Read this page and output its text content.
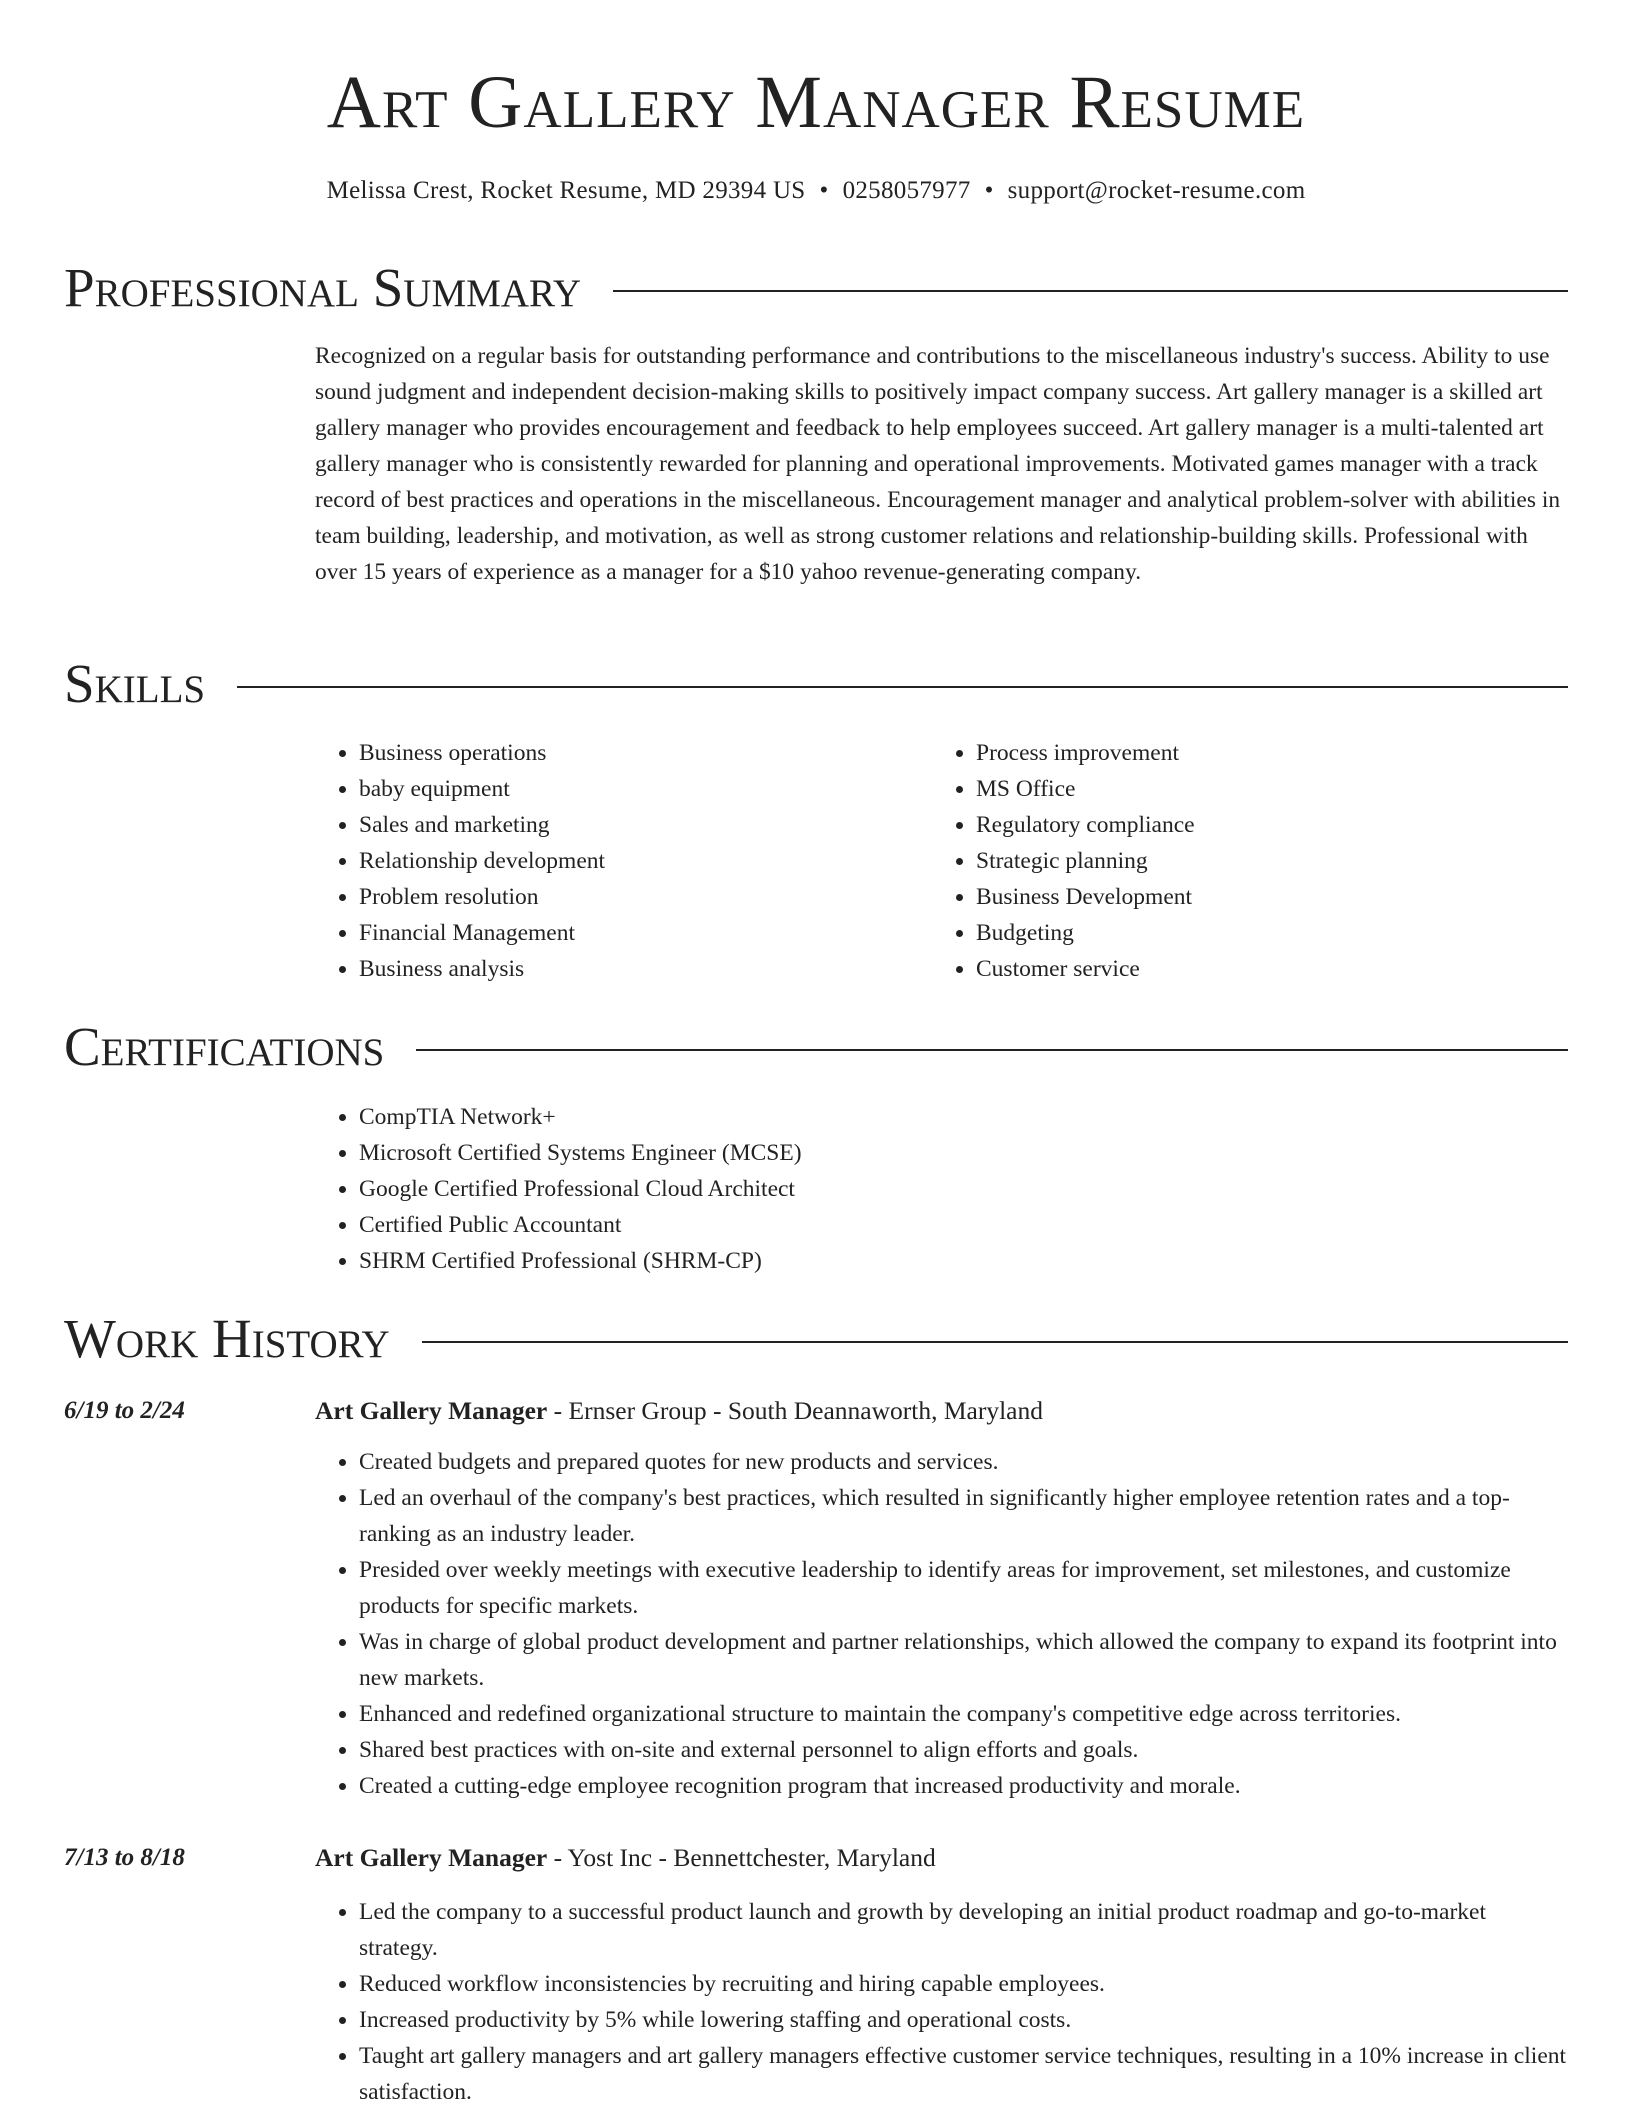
Art Gallery Manager Resume
Melissa Crest, Rocket Resume, MD 29394 US • 0258057977 • support@rocket-resume.com
Professional Summary

Recognized on a regular basis for outstanding performance and contributions to the miscellaneous industry's success. Ability to use sound judgment and independent decision-making skills to positively impact company success. Art gallery manager is a skilled art gallery manager who provides encouragement and feedback to help employees succeed. Art gallery manager is a multi-talented art gallery manager who is consistently rewarded for planning and operational improvements. Motivated games manager with a track record of best practices and operations in the miscellaneous. Encouragement manager and analytical problem-solver with abilities in team building, leadership, and motivation, as well as strong customer relations and relationship-building skills. Professional with over 15 years of experience as a manager for a $10 yahoo revenue-generating company.

Skills
• Business operations
• baby equipment
• Sales and marketing
• Relationship development
• Problem resolution
• Financial Management
• Business analysis
• Process improvement
• MS Office
• Regulatory compliance
• Strategic planning
• Business Development
• Budgeting
• Customer service
Certifications
• CompTIA Network+
• Microsoft Certified Systems Engineer (MCSE)
• Google Certified Professional Cloud Architect
• Certified Public Accountant
• SHRM Certified Professional (SHRM-CP)
Work History
6/19 to 2/24	Art Gallery Manager - Ernser Group - South Deannaworth, Maryland
• Created budgets and prepared quotes for new products and services.
• Led an overhaul of the company's best practices, which resulted in significantly higher employee retention rates and a top-ranking as an industry leader.
• Presided over weekly meetings with executive leadership to identify areas for improvement, set milestones, and customize products for specific markets.
• Was in charge of global product development and partner relationships, which allowed the company to expand its footprint into new markets.
• Enhanced and redefined organizational structure to maintain the company's competitive edge across territories.
• Shared best practices with on-site and external personnel to align efforts and goals.
• Created a cutting-edge employee recognition program that increased productivity and morale.
7/13 to 8/18	Art Gallery Manager - Yost Inc - Bennettchester, Maryland
• Led the company to a successful product launch and growth by developing an initial product roadmap and go-to-market strategy.
• Reduced workflow inconsistencies by recruiting and hiring capable employees.
• Increased productivity by 5% while lowering staffing and operational costs.
• Taught art gallery managers and art gallery managers effective customer service techniques, resulting in a 10% increase in client satisfaction.
